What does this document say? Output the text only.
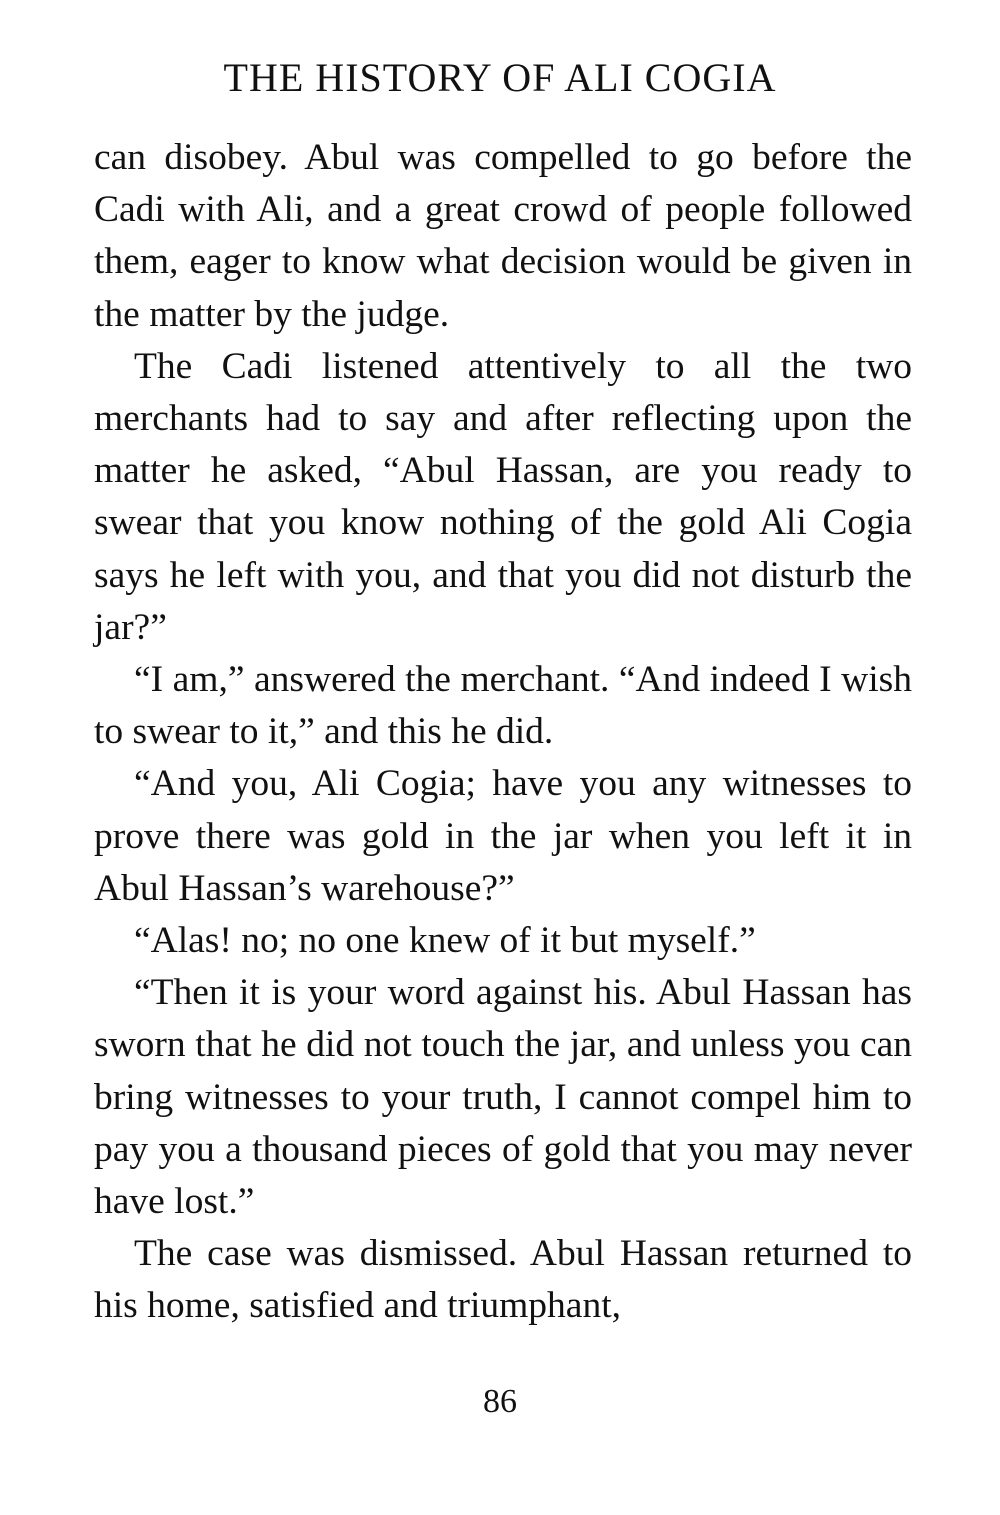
THE HISTORY OF ALI COGIA

can disobey. Abul was compelled to go before the Cadi with Ali, and a great crowd of people followed them, eager to know what decision would be given in the matter by the judge.

The Cadi listened attentively to all the two merchants had to say and after reflecting upon the matter he asked, “Abul Hassan, are you ready to swear that you know nothing of the gold Ali Cogia says he left with you, and that you did not disturb the jar?”

“I am,” answered the merchant. “And indeed I wish to swear to it,” and this he did.

“And you, Ali Cogia; have you any witnesses to prove there was gold in the jar when you left it in Abul Hassan’s warehouse?”

“Alas! no; no one knew of it but myself.”

“Then it is your word against his. Abul Hassan has sworn that he did not touch the jar, and unless you can bring witnesses to your truth, I cannot compel him to pay you a thousand pieces of gold that you may never have lost.”

The case was dismissed. Abul Hassan returned to his home, satisfied and triumphant,

86
